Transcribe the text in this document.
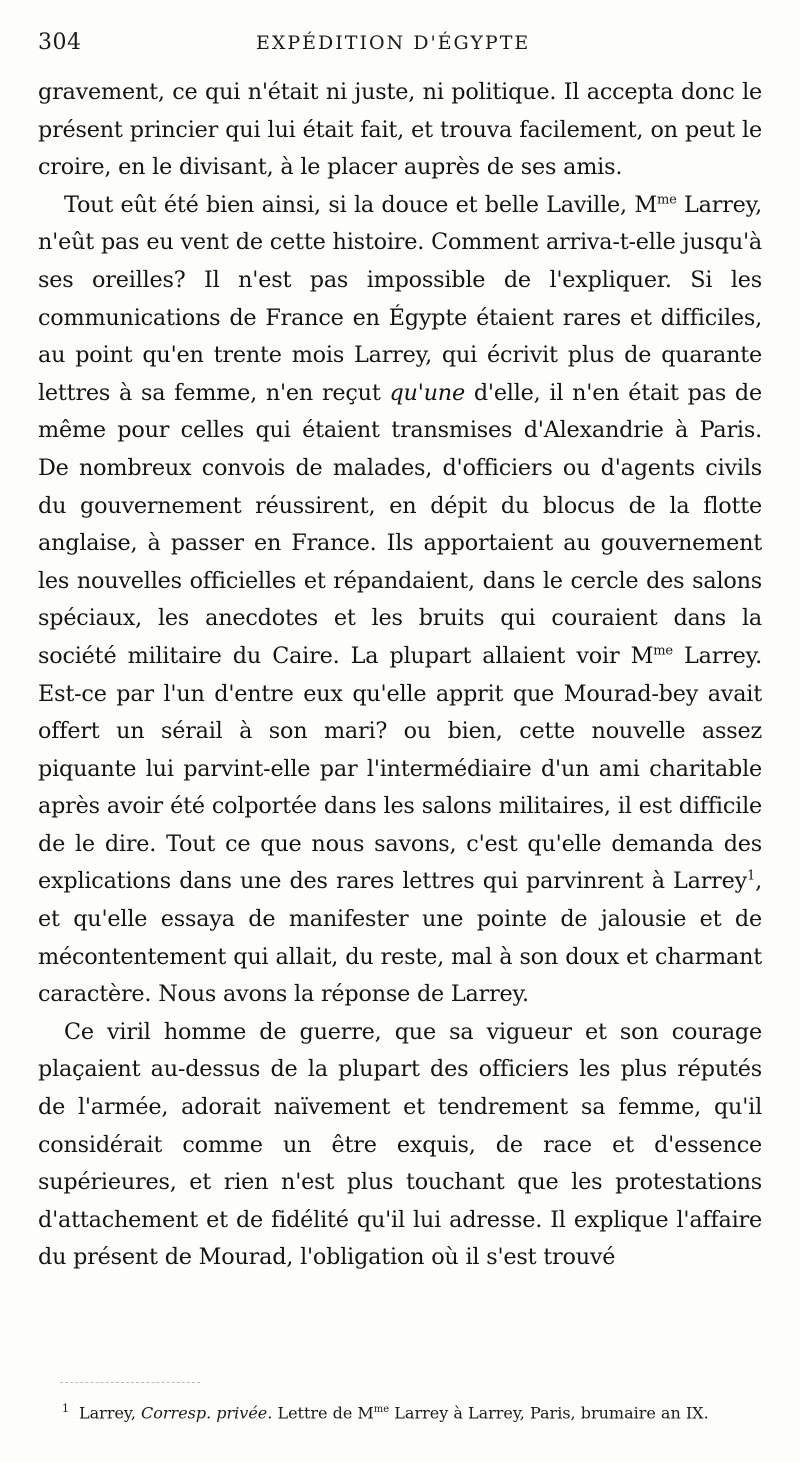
304	EXPÉDITION D'ÉGYPTE

gravement, ce qui n'était ni juste, ni politique. Il accepta donc le présent princier qui lui était fait, et trouva facilement, on peut le croire, en le divisant, à le placer auprès de ses amis.

Tout eût été bien ainsi, si la douce et belle Laville, $M^{me}$ Larrey, n'eût pas eu vent de cette histoire. Comment arriva-t-elle jusqu'à ses oreilles? Il n'est pas impossible de l'expliquer. Si les communications de France en Égypte étaient rares et difficiles, au point qu'en trente mois Larrey, qui écrivit plus de quarante lettres à sa femme, n'en reçut qu'une d'elle, il n'en était pas de même pour celles qui étaient transmises d'Alexandrie à Paris. De nombreux convois de malades, d'officiers ou d'agents civils du gouvernement réussirent, en dépit du blocus de la flotte anglaise, à passer en France. Ils apportaient au gouvernement les nouvelles officielles et répandaient, dans le cercle des salons spéciaux, les anecdotes et les bruits qui couraient dans la société militaire du Caire. La plupart allaient voir $M^{me}$ Larrey. Est-ce par l'un d'entre eux qu'elle apprit que Mourad-bey avait offert un sérail à son mari? ou bien, cette nouvelle assez piquante lui parvint-elle par l'intermédiaire d'un ami charitable après avoir été colportée dans les salons militaires, il est difficile de le dire. Tout ce que nous savons, c'est qu'elle demanda des explications dans une des rares lettres qui parvinrent à Larrey$^1$, et qu'elle essaya de manifester une pointe de jalousie et de mécontentement qui allait, du reste, mal à son doux et charmant caractère. Nous avons la réponse de Larrey.

Ce viril homme de guerre, que sa vigueur et son courage plaçaient au-dessus de la plupart des officiers les plus réputés de l'armée, adorait naïvement et tendrement sa femme, qu'il considérait comme un être exquis, de race et d'essence supérieures, et rien n'est plus touchant que les protestations d'attachement et de fidélité qu'il lui adresse. Il explique l'affaire du présent de Mourad, l'obligation où il s'est trouvé

$^1$ Larrey, Corresp. privée. Lettre de $M^{me}$ Larrey à Larrey, Paris, brumaire an IX.
